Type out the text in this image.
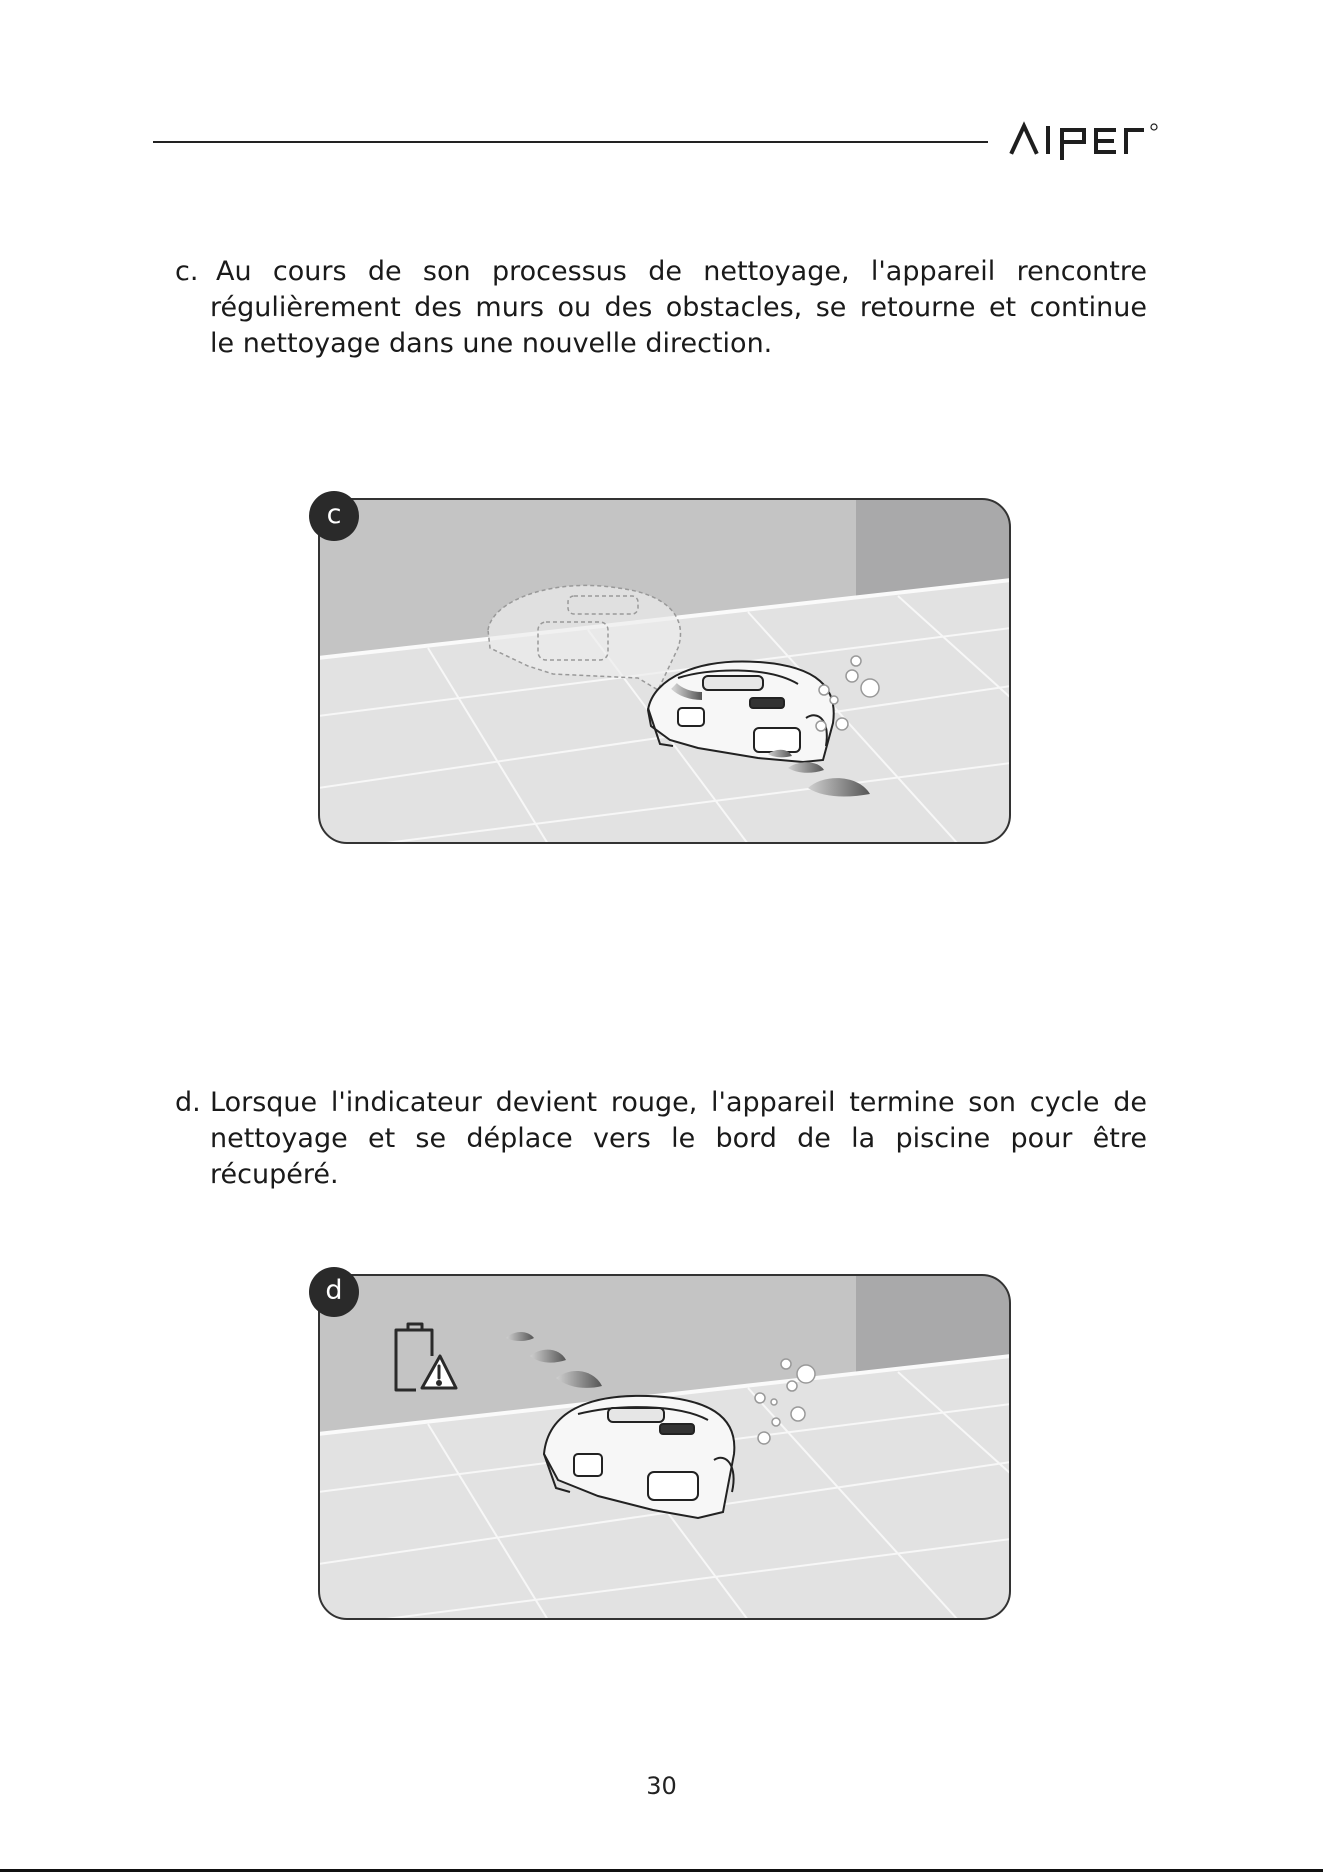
c. Au cours de son processus de nettoyage, l'appareil rencontre
régulièrement des murs ou des obstacles, se retourne et continue
le nettoyage dans une nouvelle direction.
c
d. Lorsque l'indicateur devient rouge, l'appareil termine son cycle de
nettoyage et se déplace vers le bord de la piscine pour être
récupéré.
d
30
